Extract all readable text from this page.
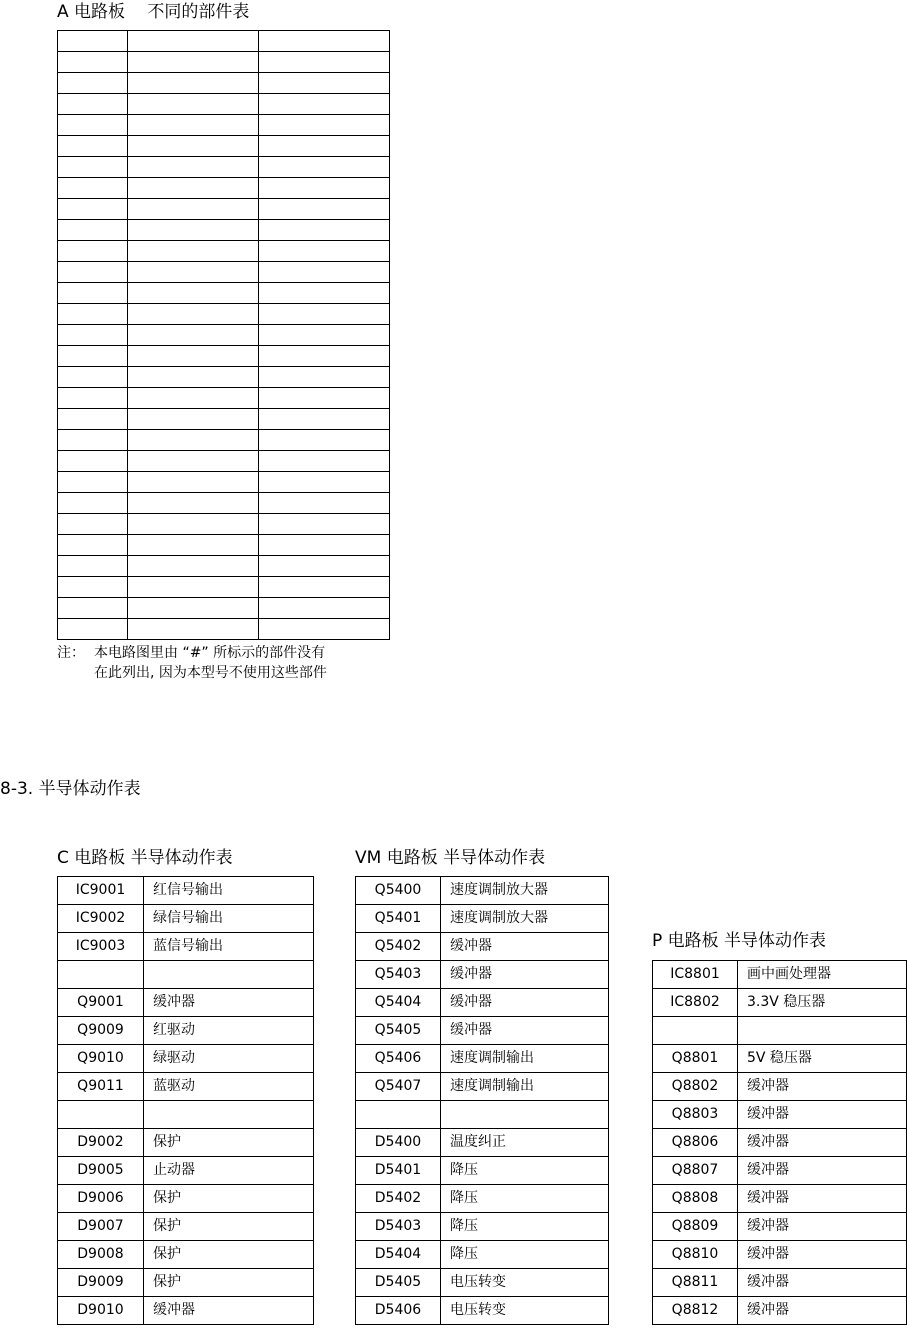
A 电路板　 不同的部件表

注： 本电路图里由 “#” 所标示的部件没有
在此列出, 因为本型号不使用这些部件
8-3. 半导体动作表
C 电路板 半导体动作表
IC9001	红信号输出
IC9002	绿信号输出
IC9003	蓝信号输出

Q9001	缓冲器
Q9009	红驱动
Q9010	绿驱动
Q9011	蓝驱动

D9002	保护
D9005	止动器
D9006	保护
D9007	保护
D9008	保护
D9009	保护
D9010	缓冲器
VM 电路板 半导体动作表
Q5400	速度调制放大器
Q5401	速度调制放大器
Q5402	缓冲器
Q5403	缓冲器
Q5404	缓冲器
Q5405	缓冲器
Q5406	速度调制输出
Q5407	速度调制输出

D5400	温度纠正
D5401	降压
D5402	降压
D5403	降压
D5404	降压
D5405	电压转变
D5406	电压转变
P 电路板 半导体动作表
IC8801	画中画处理器
IC8802	3.3V 稳压器

Q8801	5V 稳压器
Q8802	缓冲器
Q8803	缓冲器
Q8806	缓冲器
Q8807	缓冲器
Q8808	缓冲器
Q8809	缓冲器
Q8810	缓冲器
Q8811	缓冲器
Q8812	缓冲器
